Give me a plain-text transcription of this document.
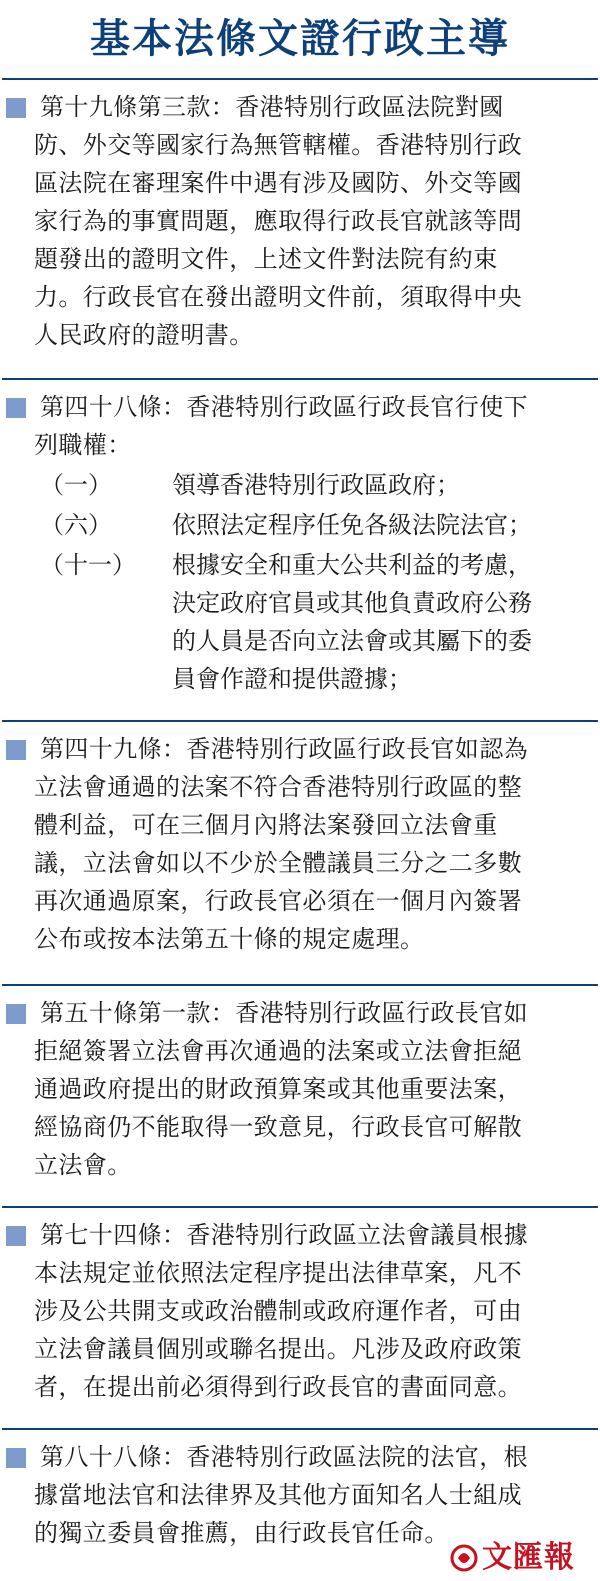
基本法條文證行政主導
第十九條第三款：香港特別行政區法院對國
防、外交等國家行為無管轄權。香港特別行政
區法院在審理案件中遇有涉及國防、外交等國
家行為的事實問題，應取得行政長官就該等問
題發出的證明文件，上述文件對法院有約束
力。行政長官在發出證明文件前，須取得中央
人民政府的證明書。
第四十八條：香港特別行政區行政長官行使下
列職權：
（一）	領導香港特別行政區政府；
（六）	依照法定程序任免各級法院法官；
（十一） 根據安全和重大公共利益的考慮，
決定政府官員或其他負責政府公務
的人員是否向立法會或其屬下的委
員會作證和提供證據；
第四十九條：香港特別行政區行政長官如認為
立法會通過的法案不符合香港特別行政區的整
體利益，可在三個月內將法案發回立法會重
議，立法會如以不少於全體議員三分之二多數
再次通過原案，行政長官必須在一個月內簽署
公布或按本法第五十條的規定處理。
第五十條第一款：香港特別行政區行政長官如
拒絕簽署立法會再次通過的法案或立法會拒絕
通過政府提出的財政預算案或其他重要法案，
經協商仍不能取得一致意見，行政長官可解散
立法會。
第七十四條：香港特別行政區立法會議員根據
本法規定並依照法定程序提出法律草案，凡不
涉及公共開支或政治體制或政府運作者，可由
立法會議員個別或聯名提出。凡涉及政府政策
者，在提出前必須得到行政長官的書面同意。
第八十八條：香港特別行政區法院的法官，根
據當地法官和法律界及其他方面知名人士組成
的獨立委員會推薦，由行政長官任命。
文匯報
